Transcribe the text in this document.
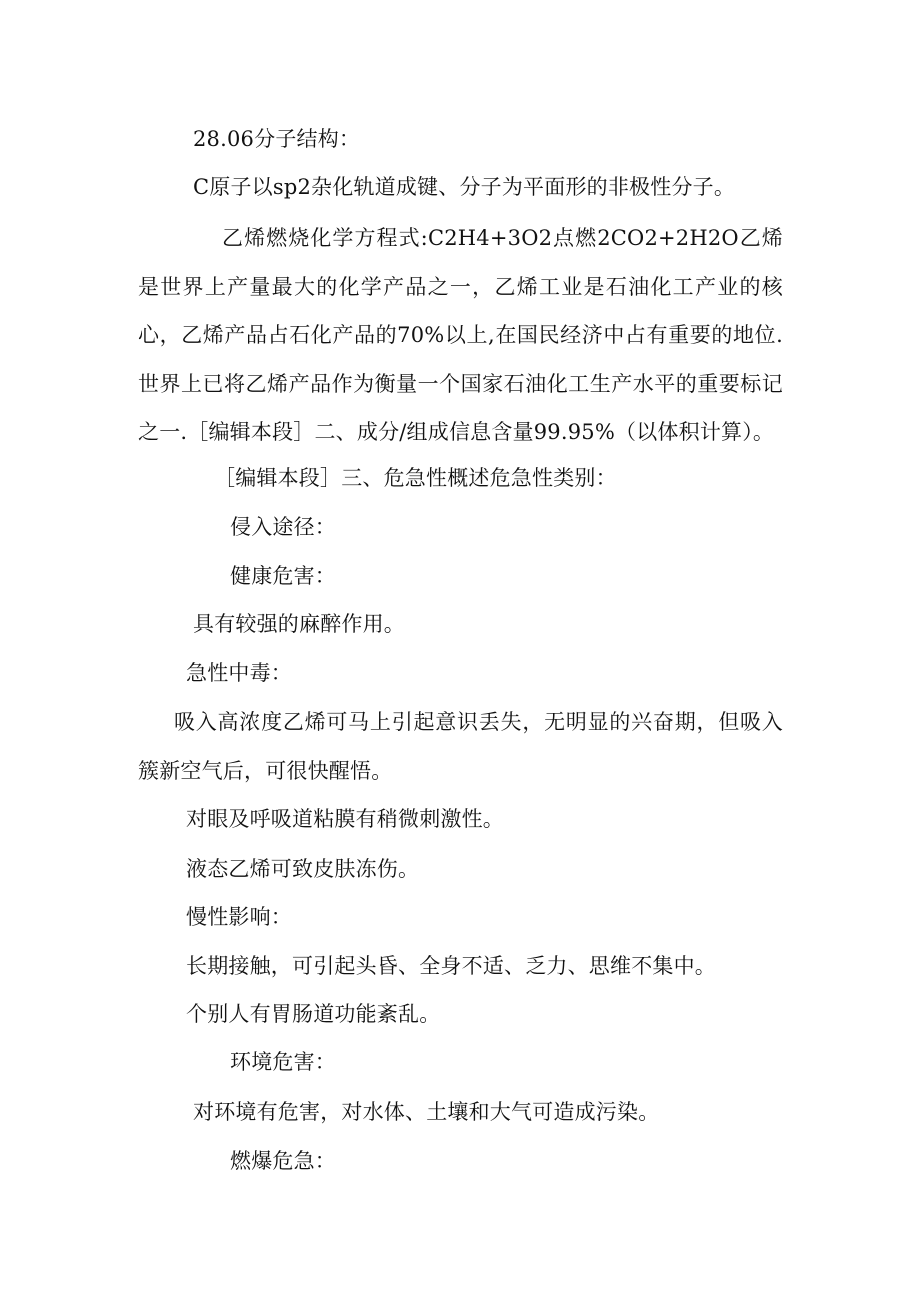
28.06分子结构：
C原子以sp2杂化轨道成键、分子为平面形的非极性分子。
乙烯燃烧化学方程式:C2H4+3O2点燃2CO2+2H2O乙烯是世界上产量最大的化学产品之一，乙烯工业是石油化工产业的核心，乙烯产品占石化产品的70%以上,在国民经济中占有重要的地位.世界上已将乙烯产品作为衡量一个国家石油化工生产水平的重要标记之一.［编辑本段］二、成分/组成信息含量99.95%（以体积计算）。
［编辑本段］三、危急性概述危急性类别：
侵入途径：
健康危害：
具有较强的麻醉作用。
急性中毒：
吸入高浓度乙烯可马上引起意识丢失，无明显的兴奋期，但吸入簇新空气后，可很快醒悟。
对眼及呼吸道粘膜有稍微刺激性。
液态乙烯可致皮肤冻伤。
慢性影响：
长期接触，可引起头昏、全身不适、乏力、思维不集中。
个别人有胃肠道功能紊乱。
环境危害：
对环境有危害，对水体、土壤和大气可造成污染。
燃爆危急：
